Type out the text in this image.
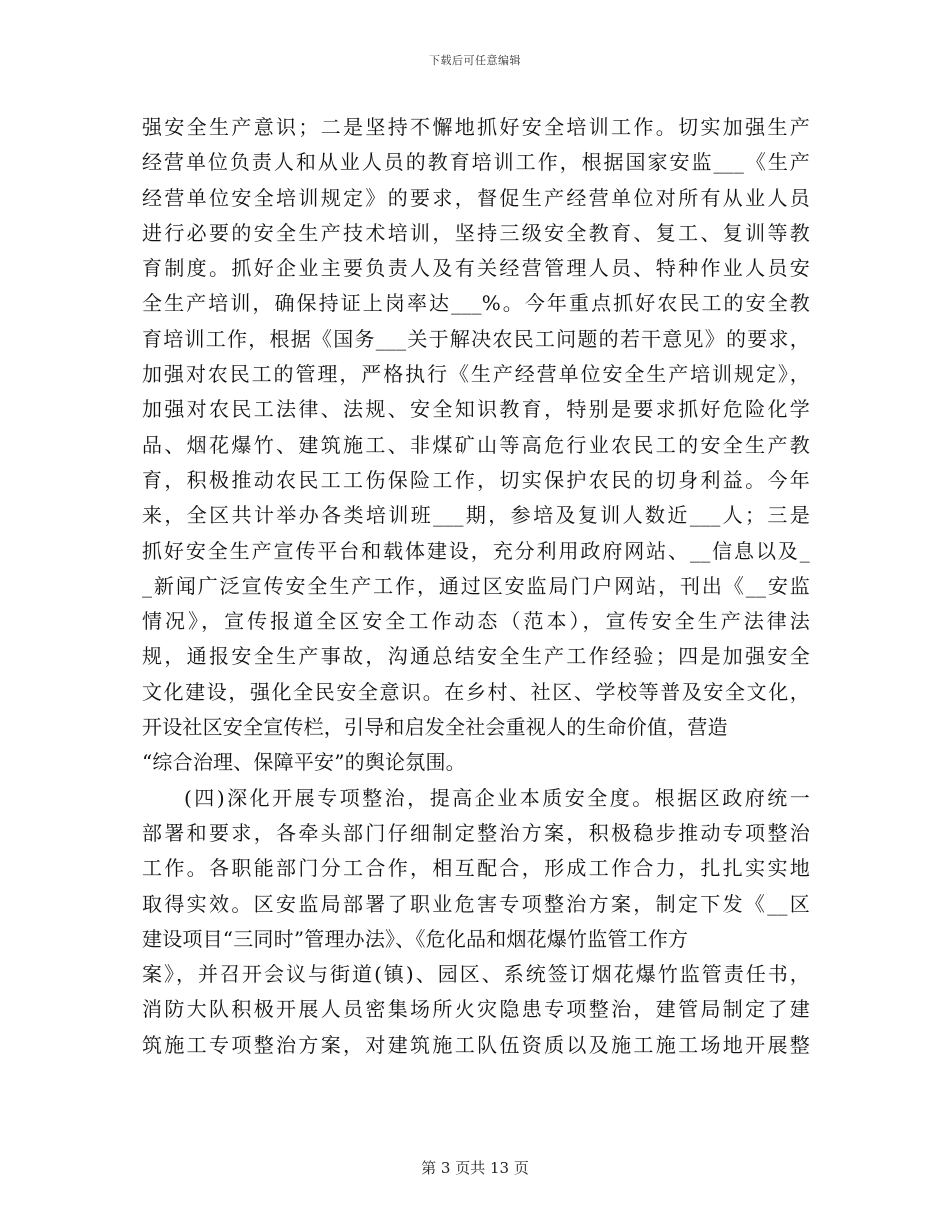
下载后可任意编辑
强安全生产意识；二是坚持不懈地抓好安全培训工作。切实加强生产
经营单位负责人和从业人员的教育培训工作，根据国家安监___《生产
经营单位安全培训规定》的要求，督促生产经营单位对所有从业人员
进行必要的安全生产技术培训，坚持三级安全教育、复工、复训等教
育制度。抓好企业主要负责人及有关经营管理人员、特种作业人员安
全生产培训，确保持证上岗率达___%。今年重点抓好农民工的安全教
育培训工作，根据《国务___关于解决农民工问题的若干意见》的要求，
加强对农民工的管理，严格执行《生产经营单位安全生产培训规定》，
加强对农民工法律、法规、安全知识教育，特别是要求抓好危险化学
品、烟花爆竹、建筑施工、非煤矿山等高危行业农民工的安全生产教
育，积极推动农民工工伤保险工作，切实保护农民的切身利益。今年
来，全区共计举办各类培训班___期，参培及复训人数近___人；三是
抓好安全生产宣传平台和载体建设，充分利用政府网站、__信息以及_
_新闻广泛宣传安全生产工作，通过区安监局门户网站，刊出《__安监
情况》，宣传报道全区安全工作动态（范本），宣传安全生产法律法
规，通报安全生产事故，沟通总结安全生产工作经验；四是加强安全
文化建设，强化全民安全意识。在乡村、社区、学校等普及安全文化，
开设社区安全宣传栏，引导和启发全社会重视人的生命价值，营造
“综合治理、保障平安”的舆论氛围。
(四)深化开展专项整治，提高企业本质安全度。根据区政府统一
部署和要求，各牵头部门仔细制定整治方案，积极稳步推动专项整治
工作。各职能部门分工合作，相互配合，形成工作合力，扎扎实实地
取得实效。区安监局部署了职业危害专项整治方案，制定下发《__区
建设项目“三同时”管理办法》、《危化品和烟花爆竹监管工作方
案》，并召开会议与街道(镇)、园区、系统签订烟花爆竹监管责任书，
消防大队积极开展人员密集场所火灾隐患专项整治，建管局制定了建
筑施工专项整治方案，对建筑施工队伍资质以及施工施工场地开展整
第 3 页共 13 页
